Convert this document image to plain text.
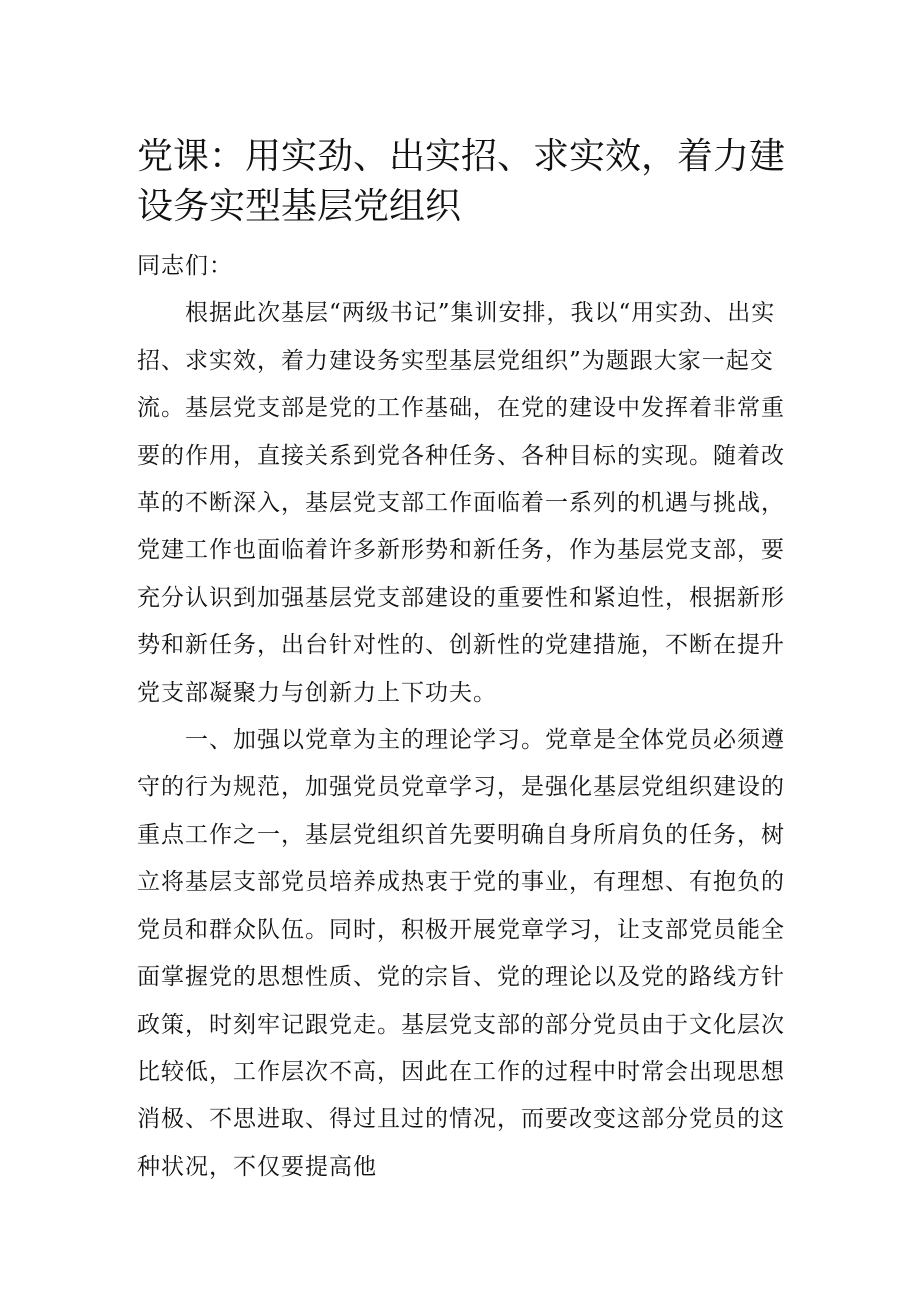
党课：用实劲、出实招、求实效，着力建设务实型基层党组织

同志们：

根据此次基层“两级书记”集训安排，我以“用实劲、出实招、求实效，着力建设务实型基层党组织”为题跟大家一起交流。基层党支部是党的工作基础，在党的建设中发挥着非常重要的作用，直接关系到党各种任务、各种目标的实现。随着改革的不断深入，基层党支部工作面临着一系列的机遇与挑战，党建工作也面临着许多新形势和新任务，作为基层党支部，要充分认识到加强基层党支部建设的重要性和紧迫性，根据新形势和新任务，出台针对性的、创新性的党建措施，不断在提升党支部凝聚力与创新力上下功夫。

一、加强以党章为主的理论学习。党章是全体党员必须遵守的行为规范，加强党员党章学习，是强化基层党组织建设的重点工作之一，基层党组织首先要明确自身所肩负的任务，树立将基层支部党员培养成热衷于党的事业，有理想、有抱负的党员和群众队伍。同时，积极开展党章学习，让支部党员能全面掌握党的思想性质、党的宗旨、党的理论以及党的路线方针政策，时刻牢记跟党走。基层党支部的部分党员由于文化层次比较低，工作层次不高，因此在工作的过程中时常会出现思想消极、不思进取、得过且过的情况，而要改变这部分党员的这种状况，不仅要提高他
